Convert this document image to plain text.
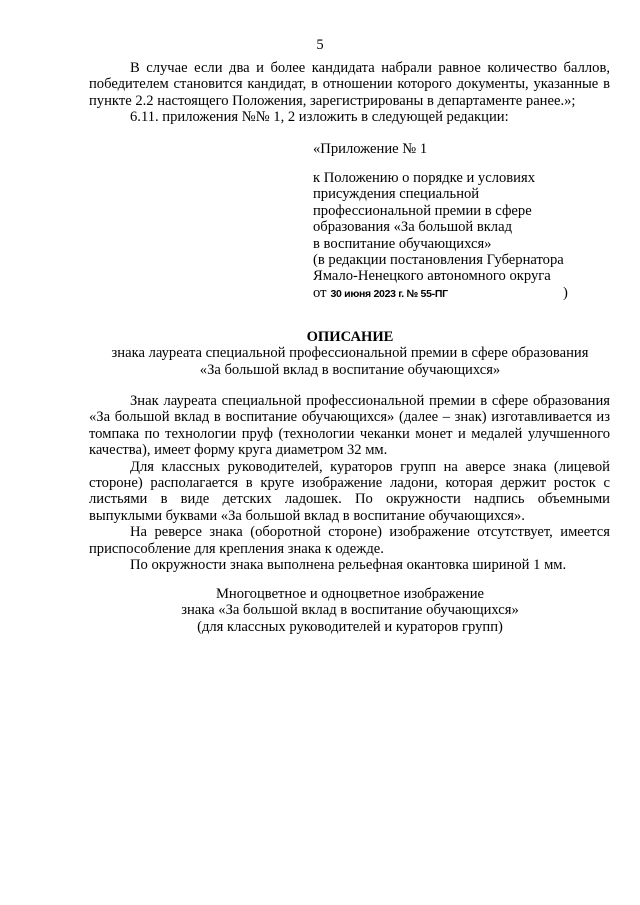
5

В случае если два и более кандидата набрали равное количество баллов, победителем становится кандидат, в отношении которого документы, указанные в пункте 2.2 настоящего Положения, зарегистрированы в департаменте ранее.»;

6.11. приложения №№ 1, 2 изложить в следующей редакции:

«Приложение № 1

к Положению о порядке и условиях

присуждения специальной

профессиональной премии в сфере

образования «За большой вклад

в воспитание обучающихся»

(в редакции постановления Губернатора

Ямало-Ненецкого автономного округа

от 30 июня 2023 г. № 55-ПГ	)

ОПИСАНИЕ

знака лауреата специальной профессиональной премии в сфере образования

«За большой вклад в воспитание обучающихся»

Знак лауреата специальной профессиональной премии в сфере образования «За большой вклад в воспитание обучающихся» (далее – знак) изготавливается из томпака по технологии пруф (технологии чеканки монет и медалей улучшенного качества), имеет форму круга диаметром 32 мм.

Для классных руководителей, кураторов групп на аверсе знака (лицевой стороне) располагается в круге изображение ладони, которая держит росток с листьями в виде детских ладошек. По окружности надпись объемными выпуклыми буквами «За большой вклад в воспитание обучающихся».

На реверсе знака (оборотной стороне) изображение отсутствует, имеется приспособление для крепления знака к одежде.

По окружности знака выполнена рельефная окантовка шириной 1 мм.

Многоцветное и одноцветное изображение

знака «За большой вклад в воспитание обучающихся»

(для классных руководителей и кураторов групп)
